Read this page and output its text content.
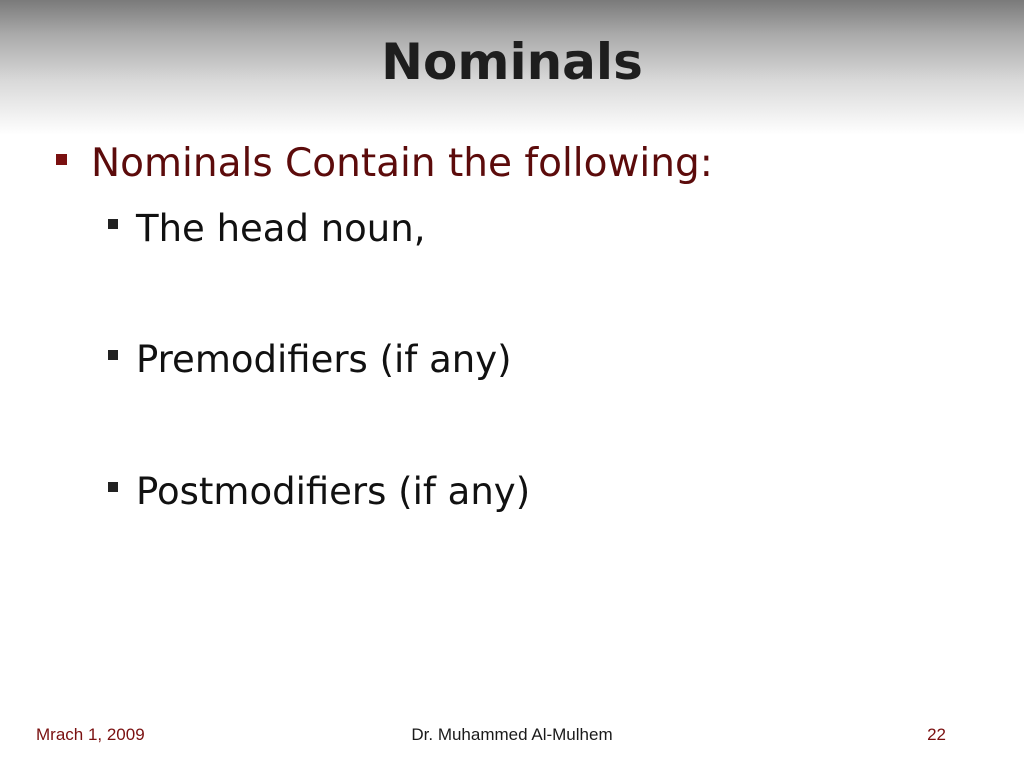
Nominals
Nominals Contain the following:
The head noun,
Premodifiers (if any)
Postmodifiers (if any)
Dr. Muhammed Al-Mulhem
Mrach 1, 2009	22
